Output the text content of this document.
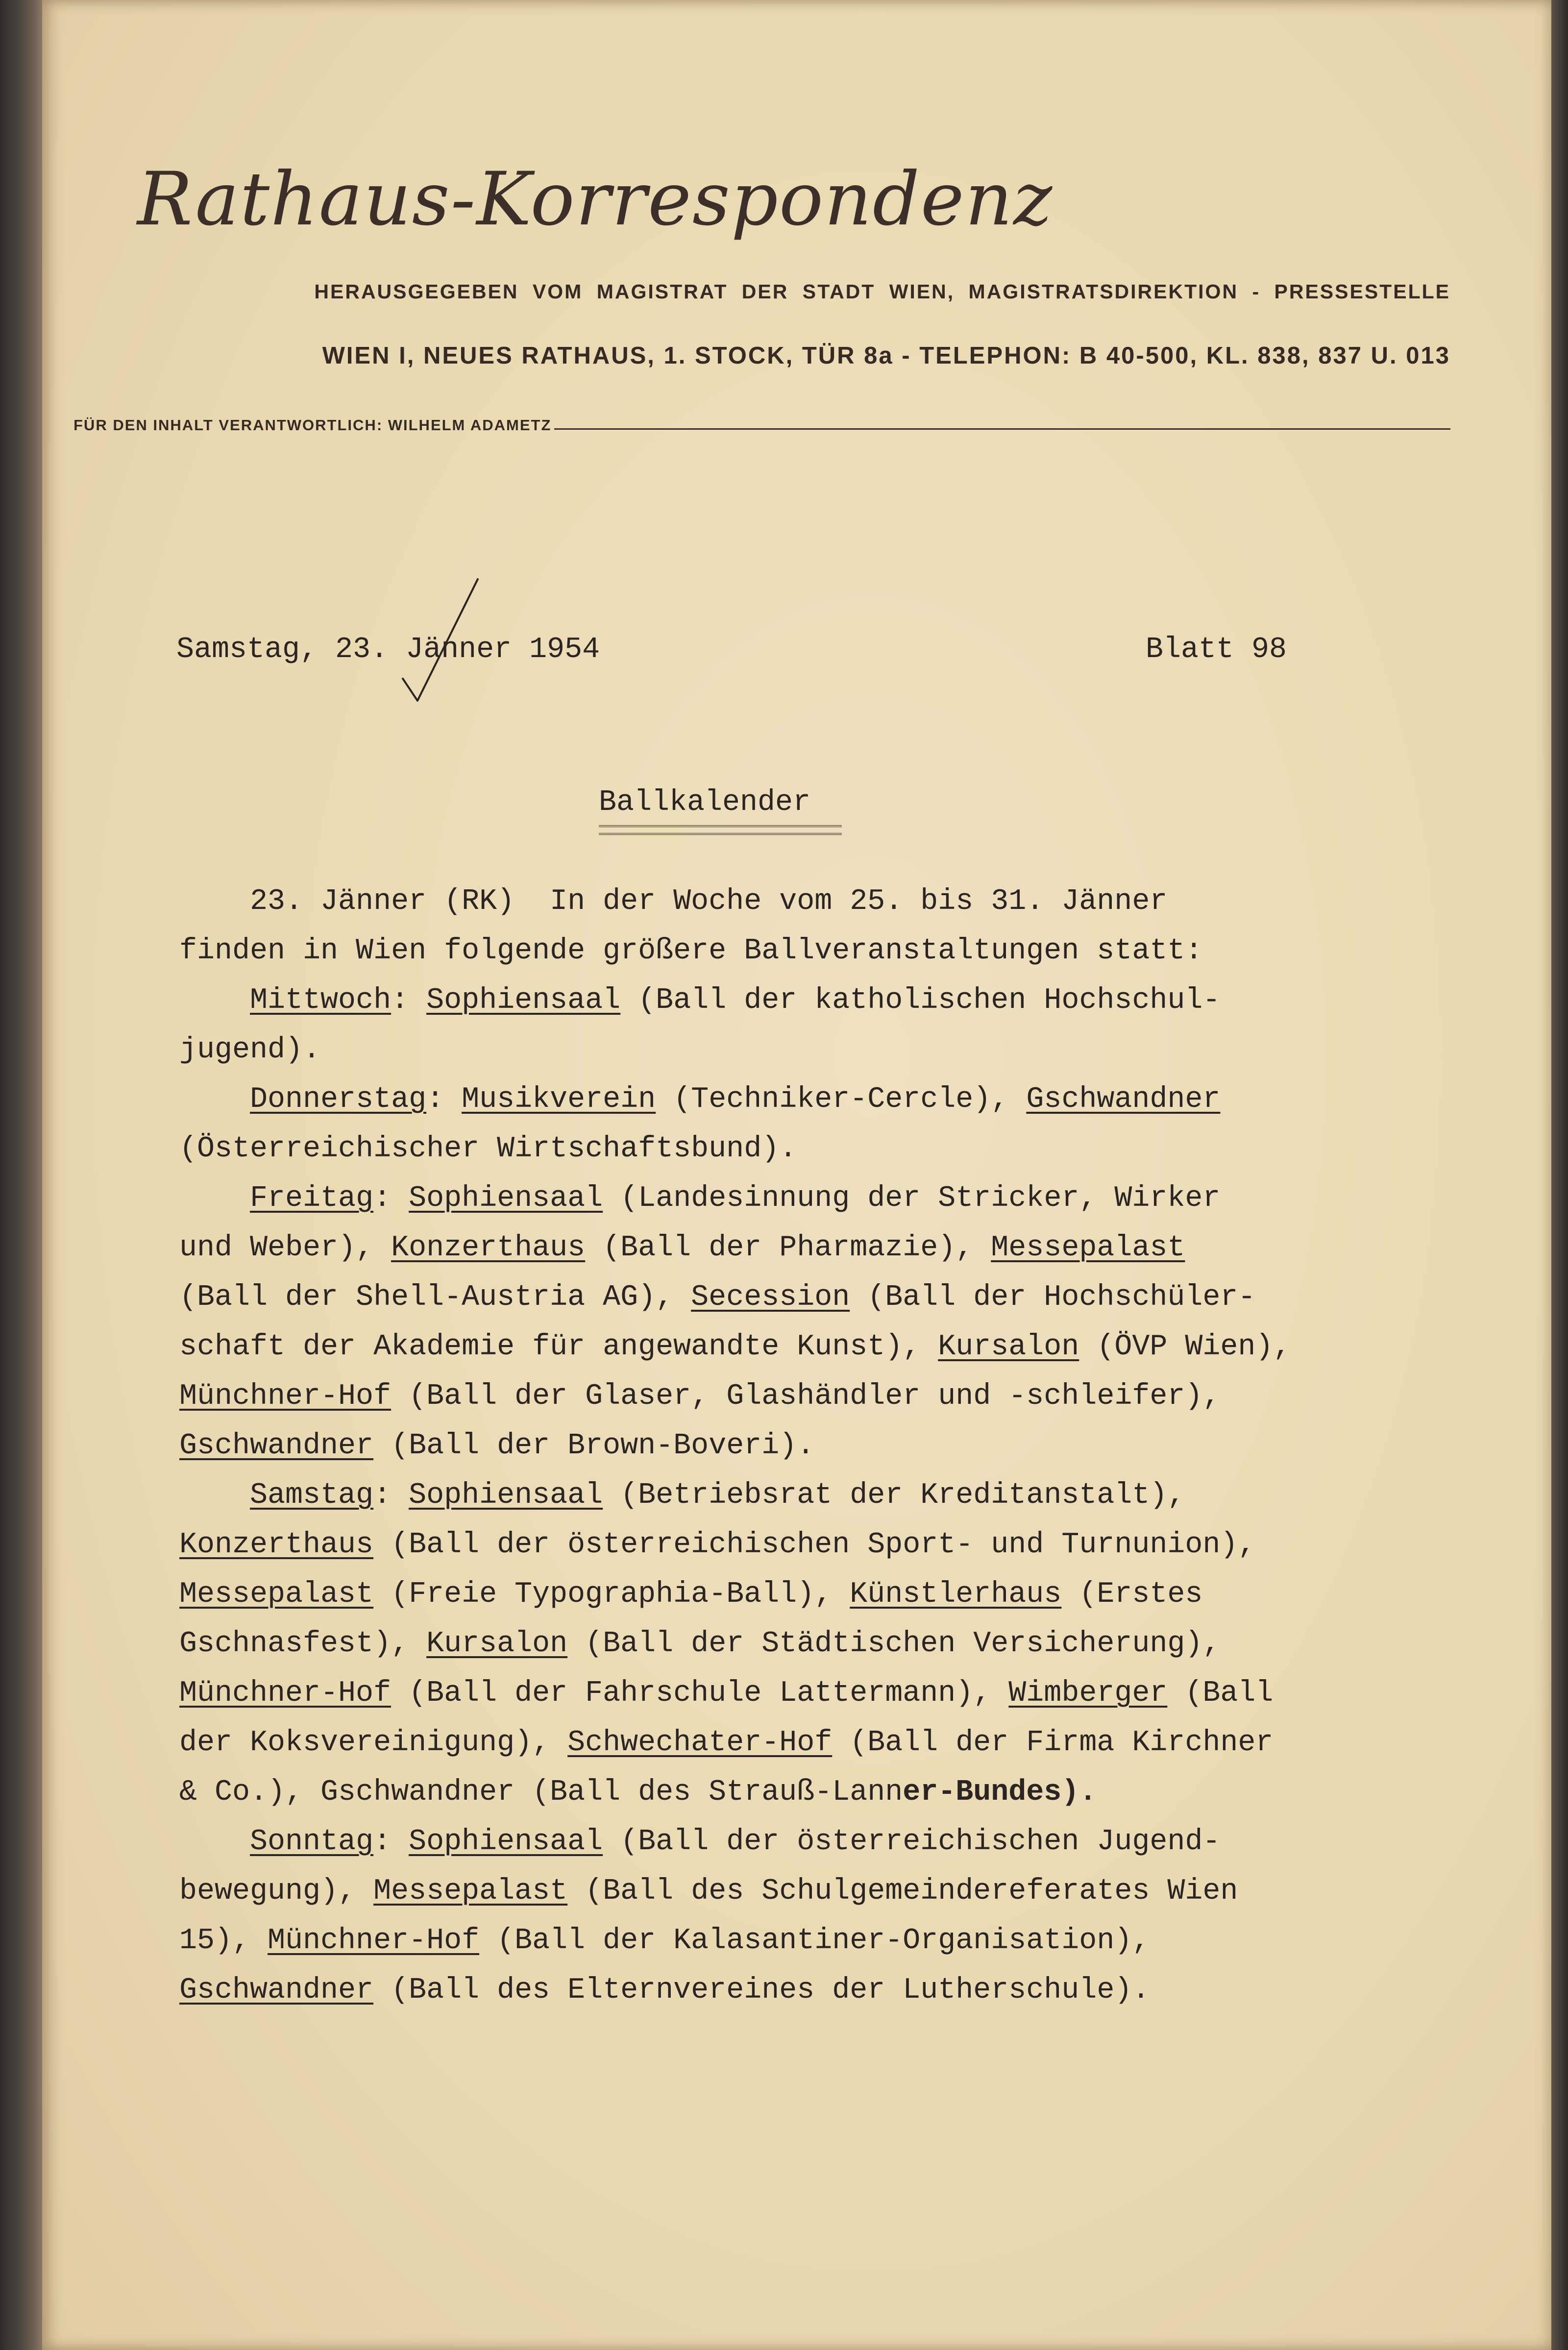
Rathaus-Korrespondenz

HERAUSGEGEBEN VOM MAGISTRAT DER STADT WIEN, MAGISTRATSDIREKTION - PRESSESTELLE

WIEN I, NEUES RATHAUS, 1. STOCK, TÜR 8a - TELEPHON: B 40-500, KL. 838, 837 U. 013

FÜR DEN INHALT VERANTWORTLICH: WILHELM ADAMETZ

Samstag, 23. Jänner 1954	Blatt 98

Ballkalender
23. Jänner (RK)  In der Woche vom 25. bis 31. Jänner
finden in Wien folgende größere Ballveranstaltungen statt:
Mittwoch: Sophiensaal (Ball der katholischen Hochschul-
jugend).
Donnerstag: Musikverein (Techniker-Cercle), Gschwandner
(Österreichischer Wirtschaftsbund).
Freitag: Sophiensaal (Landesinnung der Stricker, Wirker
und Weber), Konzerthaus (Ball der Pharmazie), Messepalast
(Ball der Shell-Austria AG), Secession (Ball der Hochschüler-
schaft der Akademie für angewandte Kunst), Kursalon (ÖVP Wien),
Münchner-Hof (Ball der Glaser, Glashändler und -schleifer),
Gschwandner (Ball der Brown-Boveri).
Samstag: Sophiensaal (Betriebsrat der Kreditanstalt),
Konzerthaus (Ball der österreichischen Sport- und Turnunion),
Messepalast (Freie Typographia-Ball), Künstlerhaus (Erstes
Gschnasfest), Kursalon (Ball der Städtischen Versicherung),
Münchner-Hof (Ball der Fahrschule Lattermann), Wimberger (Ball
der Koksvereinigung), Schwechater-Hof (Ball der Firma Kirchner
& Co.), Gschwandner (Ball des Strauß-Lanner-Bundes).
Sonntag: Sophiensaal (Ball der österreichischen Jugend-
bewegung), Messepalast (Ball des Schulgemeindereferates Wien
15), Münchner-Hof (Ball der Kalasantiner-Organisation),
Gschwandner (Ball des Elternvereines der Lutherschule).
